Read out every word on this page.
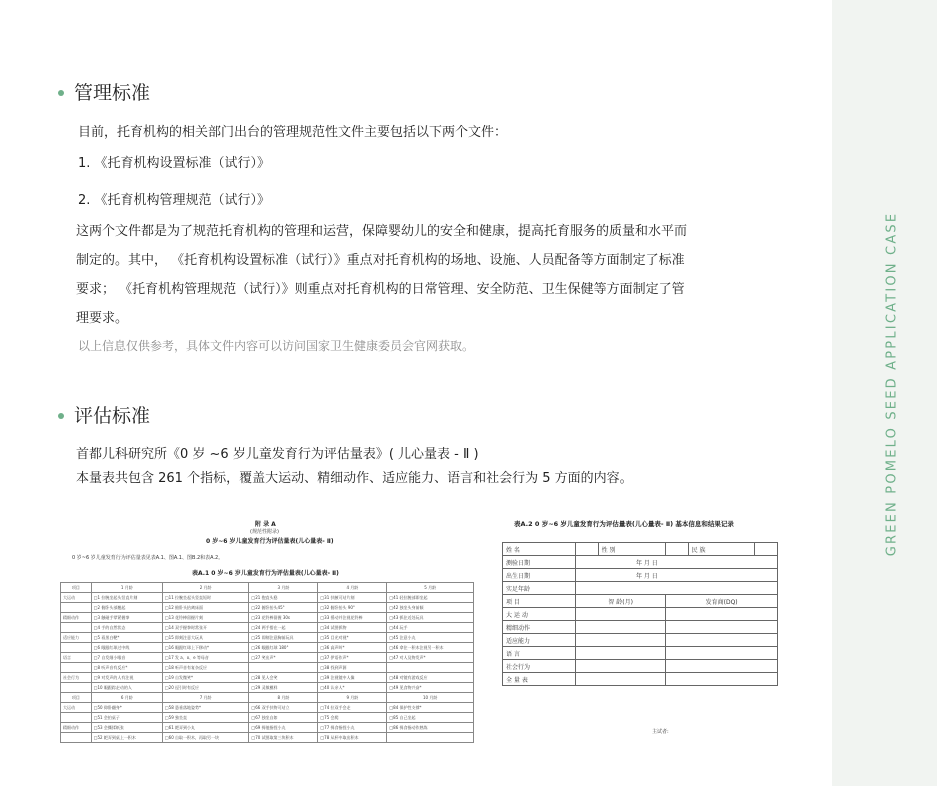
GREEN POMELO SEED APPLICATION CASE
管理标准
目前，托育机构的相关部门出台的管理规范性文件主要包括以下两个文件：
1. 《托育机构设置标准（试行）》
2. 《托育机构管理规范（试行）》
这两个文件都是为了规范托育机构的管理和运营，保障婴幼儿的安全和健康，提高托育服务的质量和水平而制定的。其中， 《托育机构设置标准（试行）》重点对托育机构的场地、设施、人员配备等方面制定了标准要求； 《托育机构管理规范（试行）》则重点对托育机构的日常管理、安全防范、卫生保健等方面制定了管理要求。
以上信息仅供参考，具体文件内容可以访问国家卫生健康委员会官网获取。
评估标准
首都儿科研究所《0 岁 ~6 岁儿童发育行为评估量表》( 儿心量表 - Ⅱ )
本量表共包含 261 个指标，覆盖大运动、精细动作、适应能力、语言和社会行为 5 方面的内容。
附 录 A
(规范性附录)
0 岁~6 岁儿童发育行为评估量表(儿心量表- Ⅱ)
0 岁~6 岁儿童发育行为评估量表见表A.1、图A.1、图B.2和表A.2。
表A.1 0 岁~6 岁儿童发育行为评估量表(儿心量表- Ⅱ)
项目	1 月龄	2 月龄	3 月龄	4 月龄	5 月龄
大运动	□1 拉腕坐起头竖直片刻	□11 拉腕坐起头竖直短时	□21 抱直头稳	□31 扶腋可站片刻	□41 轻拉腕部即坐起
	□2 俯卧头部翘起	□12 俯卧头抬离床面	□22 俯卧抬头45°	□32 俯卧抬头 90°	□42 独坐头身前倾
精细动作	□3 触碰手掌紧握拳	□13 花铃棒留握片刻	□23 花铃棒留握 30s	□33 摇动并注视花铃棒	□43 抓住近处玩具
	□4 手的自然状态	□14 双手握拳时常张开	□24 两手搭在一起	□34 试图抓物	□44 玩手
适应能力	□5 看黑白靶*	□15 即刻注意大玩具	□25 即刻注意胸前玩具	□35 目光对视*	□45 注意小丸
	□6 眼跟红球过中线	□16 眼跟红球上下移动*	□26 眼跟红球 180°	□36 高声叫*	□46 拿住一积木注视另一积木
语言	□7 自发细小喉音	□17 发 a、o、e 等母音	□27 笑出声*	□37 伊语作声*	□47 对人及物发声*
	□8 听声音有反应*	□18 听声音有复杂反应		□38 找到声源	
社会行为	□9 对发声的人有注视	□19 自发微笑*	□28 见人会笑	□39 注视镜中人像	□48 对镜有游戏反应
	□10 眼跟踪走动的人	□20 逗引时有反应	□29 灵敏模样	□40 认亲人*	□49 见食物兴奋*
项目	6 月龄	7 月龄	8 月龄	9 月龄	10 月龄
大运动	□50 仰卧翻身*	□58 悬垂落地姿势*	□66 双手扶物可站立	□74 拉双手会走	□84 保护性支撑*
	□51 会拍桌子	□59 独坐直	□67 独坐自如	□75 会爬	□85 自己坐起
精细动作	□53 会撕揉纸张	□61 耙弄到小丸	□69 拇他指捏小丸	□77 拇食指捏小丸	□86 拇食指动作熟练
	□52 耙弄到桌上一积木	□60 自取一积木，再取另一块	□70 试图取第三块积木	□78 从杯中取出积木	
表A.2 0 岁~6 岁儿童发育行为评估量表(儿心量表- Ⅱ) 基本信息和结果记录
姓 名		性 别		民 族	
测验日期	年 月 日				
出生日期	年 月 日				
实足年龄					
项 目	智 龄(月)		发育商(DQ)		
大 运 动					
精细动作					
适应能力					
语 言					
社会行为					
全 量 表					
主试者:
